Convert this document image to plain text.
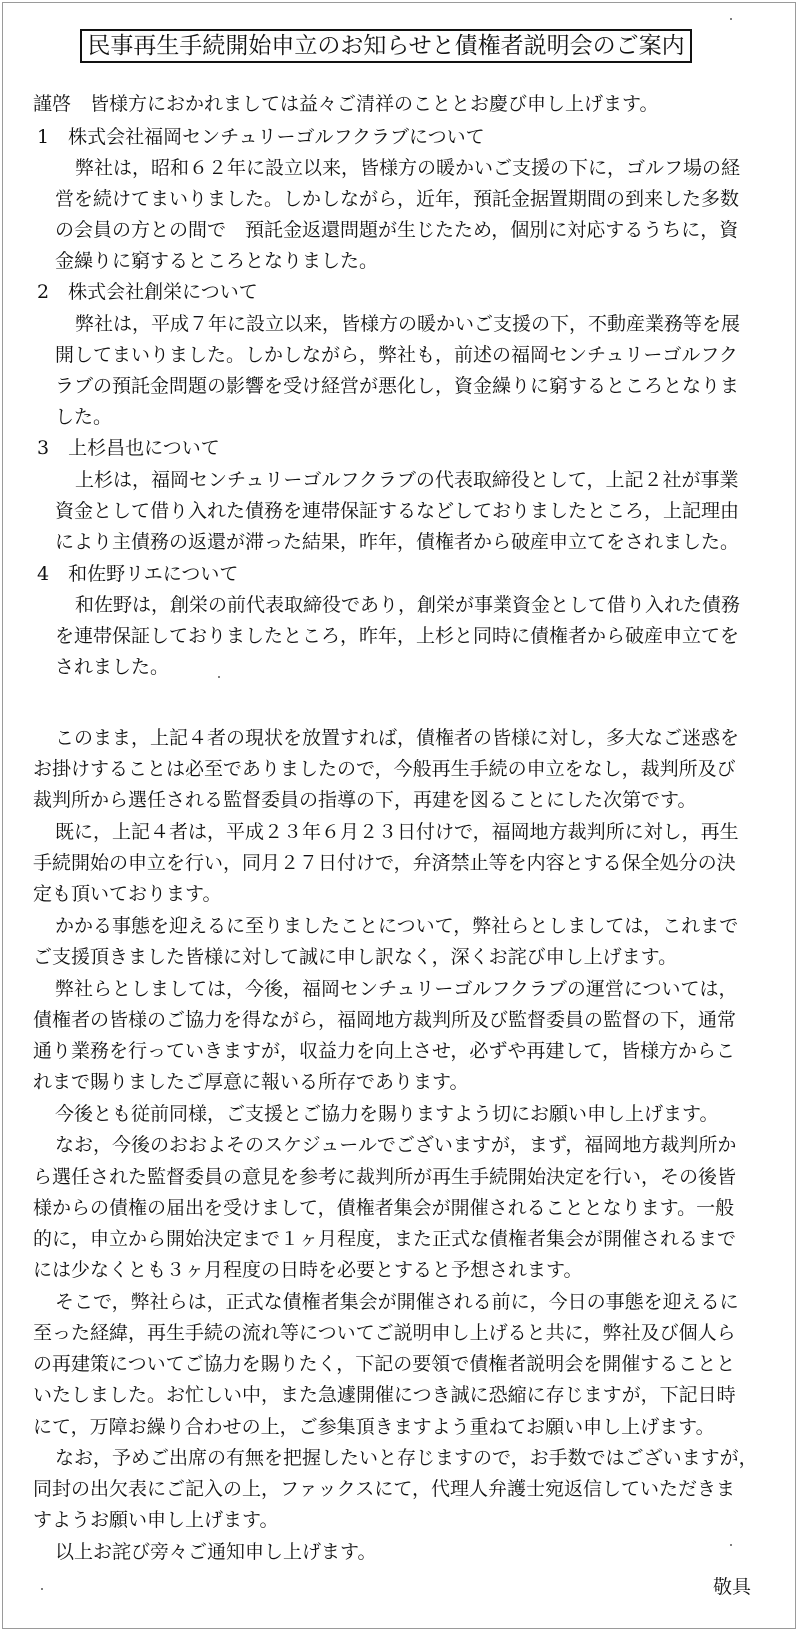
民事再生手続開始申立のお知らせと債権者説明会のご案内
謹啓　皆様方におかれましては益々ご清祥のこととお慶び申し上げます。
1　株式会社福岡センチュリーゴルフクラブについて
弊社は，昭和６２年に設立以来，皆様方の暖かいご支援の下に，ゴルフ場の経
営を続けてまいりました。しかしながら，近年，預託金据置期間の到来した多数
の会員の方との間で　預託金返還問題が生じたため，個別に対応するうちに，資
金繰りに窮するところとなりました。
2　株式会社創栄について
弊社は，平成７年に設立以来，皆様方の暖かいご支援の下，不動産業務等を展
開してまいりました。しかしながら，弊社も，前述の福岡センチュリーゴルフク
ラブの預託金問題の影響を受け経営が悪化し，資金繰りに窮するところとなりま
した。
3　上杉昌也について
上杉は，福岡センチュリーゴルフクラブの代表取締役として，上記２社が事業
資金として借り入れた債務を連帯保証するなどしておりましたところ，上記理由
により主債務の返還が滞った結果，昨年，債権者から破産申立てをされました。
4　和佐野リエについて
和佐野は，創栄の前代表取締役であり，創栄が事業資金として借り入れた債務
を連帯保証しておりましたところ，昨年，上杉と同時に債権者から破産申立てを
されました。
このまま，上記４者の現状を放置すれば，債権者の皆様に対し，多大なご迷惑を
お掛けすることは必至でありましたので，今般再生手続の申立をなし，裁判所及び
裁判所から選任される監督委員の指導の下，再建を図ることにした次第です。
既に，上記４者は，平成２３年６月２３日付けで，福岡地方裁判所に対し，再生
手続開始の申立を行い，同月２７日付けで，弁済禁止等を内容とする保全処分の決
定も頂いております。
かかる事態を迎えるに至りましたことについて，弊社らとしましては，これまで
ご支援頂きました皆様に対して誠に申し訳なく，深くお詫び申し上げます。
弊社らとしましては，今後，福岡センチュリーゴルフクラブの運営については，
債権者の皆様のご協力を得ながら，福岡地方裁判所及び監督委員の監督の下，通常
通り業務を行っていきますが，収益力を向上させ，必ずや再建して，皆様方からこ
れまで賜りましたご厚意に報いる所存であります。
今後とも従前同様，ご支援とご協力を賜りますよう切にお願い申し上げます。
なお，今後のおおよそのスケジュールでございますが，まず，福岡地方裁判所か
ら選任された監督委員の意見を参考に裁判所が再生手続開始決定を行い，その後皆
様からの債権の届出を受けまして，債権者集会が開催されることとなります。一般
的に，申立から開始決定まで１ヶ月程度，また正式な債権者集会が開催されるまで
には少なくとも３ヶ月程度の日時を必要とすると予想されます。
そこで，弊社らは，正式な債権者集会が開催される前に，今日の事態を迎えるに
至った経緯，再生手続の流れ等についてご説明申し上げると共に，弊社及び個人ら
の再建策についてご協力を賜りたく，下記の要領で債権者説明会を開催することと
いたしました。お忙しい中，また急遽開催につき誠に恐縮に存じますが，下記日時
にて，万障お繰り合わせの上，ご参集頂きますよう重ねてお願い申し上げます。
なお，予めご出席の有無を把握したいと存じますので，お手数ではございますが，
同封の出欠表にご記入の上，ファックスにて，代理人弁護士宛返信していただきま
すようお願い申し上げます。
以上お詫び旁々ご通知申し上げます。
敬具
